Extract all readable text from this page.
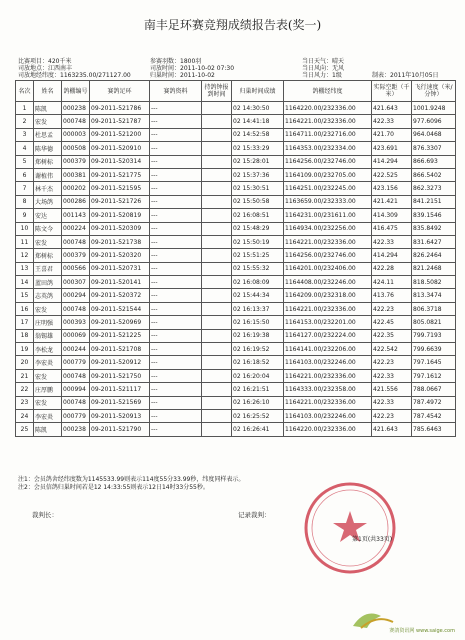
南丰足环赛竞翔成绩报告表(奖一)
比赛项目：420千米	参赛羽数：1800羽	当日天气：晴天
司放地点：江西南丰	司放时间：2011-10-02 07:30	当日风向：无风
司放地经纬度：1163235.00/271127.00	归巢时间：2011-10-02	当日风力：1级	制表：2011年10月05日
名次	姓名	鸽棚编号	赛鸽足环	赛鸽资料	持鸽钟报到时间	归巢时间成绩	鸽棚经纬度	实际空距（千米）	飞行速度（米/分钟）
1	陈凯	000238	09-2011-521786	---		02 14:30:50	1164220.00/232336.00	421.643	1001.9248
2	宏发	000748	09-2011-521787	---		02 14:41:18	1164221.00/232336.00	422.33	977.6096
3	杜思孟	000003	09-2011-521200	---		02 14:52:58	1164711.00/232716.00	421.70	964.0468
4	陈华德	000508	09-2011-520910	---		02 15:33:29	1164353.00/232334.00	423.691	876.3307
5	郑树标	000379	09-2011-520314	---		02 15:28:01	1164256.00/232746.00	414.294	866.693
6	谢植伟	000381	09-2011-521775	---		02 15:37:36	1164109.00/232705.00	422.525	866.5402
7	林千杰	000202	09-2011-521595	---		02 15:30:51	1164251.00/232245.00	423.156	862.3273
8	大场鸽	000286	09-2011-521726	---		02 15:50:58	1163659.00/232333.00	421.421	841.2151
9	安达	001143	09-2011-520819	---		02 16:08:51	1164231.00/231611.00	414.309	839.1546
10	陈文今	000224	09-2011-520309	---		02 15:48:29	1164934.00/232256.00	416.475	835.8492
11	宏发	000748	09-2011-521738	---		02 15:50:19	1164221.00/232336.00	422.33	831.6427
12	郑树标	000379	09-2011-520320	---		02 15:51:25	1164256.00/232746.00	414.294	826.2464
13	王喜君	000566	09-2011-520731	---		02 15:55:32	1164201.00/232406.00	422.28	821.2468
14	蓝田鸽	000307	09-2011-520141	---		02 16:08:09	1164408.00/232246.00	424.11	818.5082
15	志英鸽	000294	09-2011-520372	---		02 15:44:34	1164209.00/232318.00	413.76	813.3474
16	宏发	000748	09-2011-521544	---		02 16:13:37	1164221.00/232336.00	422.23	806.3718
17	庄明强	000393	09-2011-520969	---		02 16:15:50	1164153.00/232201.00	422.45	805.0821
18	翁锡雄	000069	09-2011-521225	---		02 16:19:38	1164127.00/232224.00	422.35	799.7193
19	李松龙	000244	09-2011-521708	---		02 16:19:52	1164141.00/232206.00	422.542	799.6639
20	李宏炎	000779	09-2011-520912	---		02 16:18:52	1164103.00/232246.00	422.23	797.1645
21	宏发	000748	09-2011-521750	---		02 16:20:04	1164221.00/232336.00	422.33	797.1612
22	庄厚鹏	000994	09-2011-521117	---		02 16:21:51	1164333.00/232358.00	421.556	788.0667
23	宏发	000748	09-2011-521569	---		02 16:26:10	1164221.00/232336.00	422.33	787.4972
24	李宏炎	000779	09-2011-520913	---		02 16:25:52	1164103.00/232246.00	422.23	787.4542
25	陈凯	000238	09-2011-521790	---		02 16:26:41	1164220.00/232336.00	421.643	785.6463
注1：会员鸽舍经纬度数为1145533.99则表示114度55分33.99秒，纬度同样表示。
注2：会员信鸽归巢时间若是12 14:33:55则表示12日14时33分55秒。
裁判长：	记录裁判：
第1页(共33页)
赛鸽资讯网 www.saige.com
